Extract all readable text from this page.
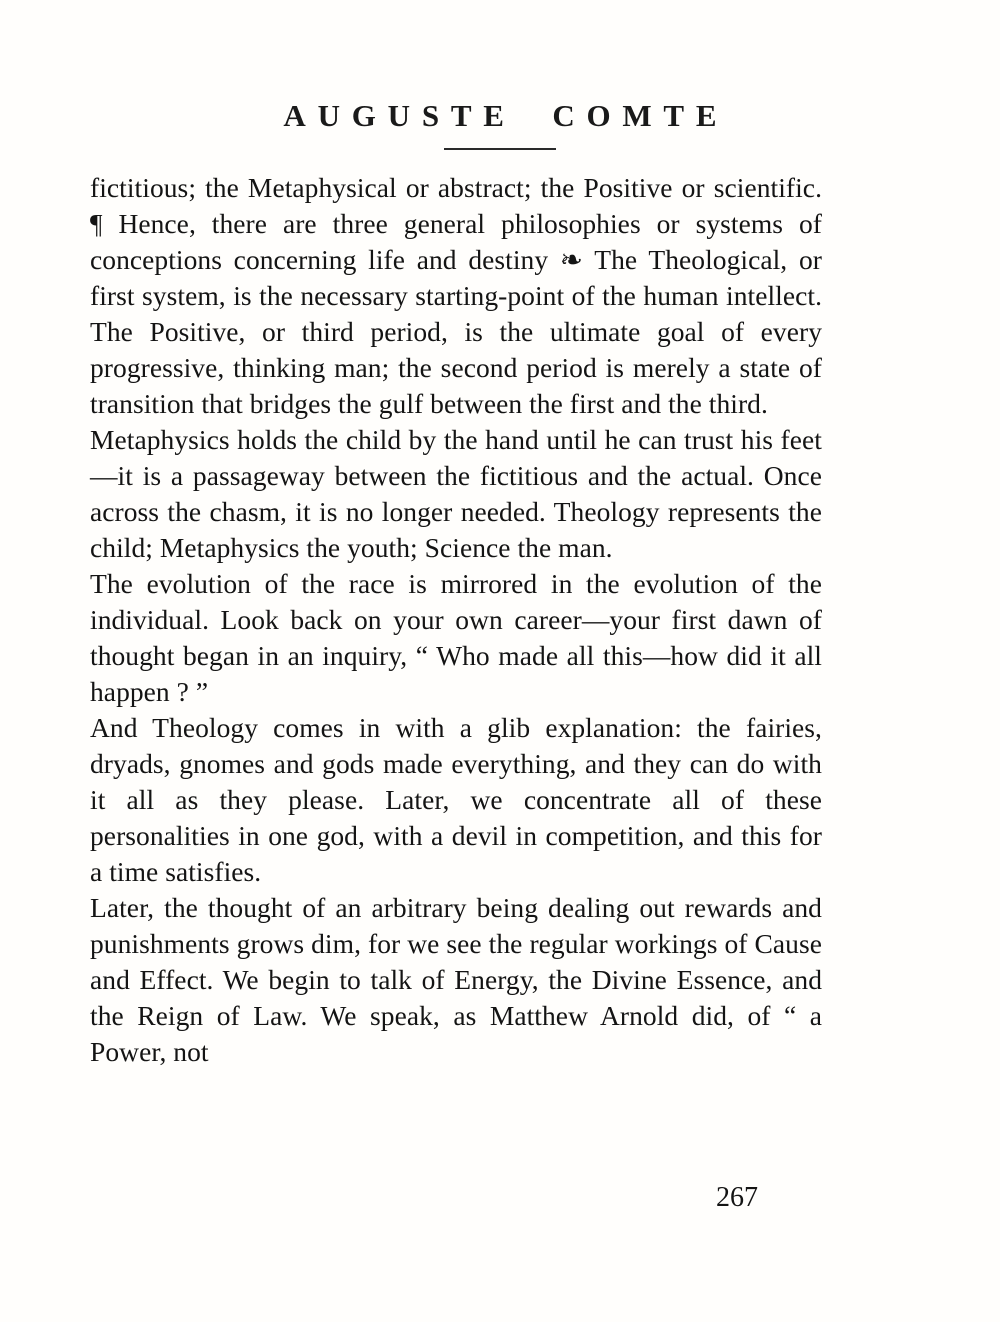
AUGUSTE COMTE

fictitious; the Metaphysical or abstract; the Positive or scientific. ¶ Hence, there are three general philosophies or systems of conceptions concerning life and destiny ❧ The Theological, or first system, is the necessary starting-point of the human intellect. The Positive, or third period, is the ultimate goal of every progressive, thinking man; the second period is merely a state of transition that bridges the gulf between the first and the third.

Metaphysics holds the child by the hand until he can trust his feet—it is a passageway between the fictitious and the actual. Once across the chasm, it is no longer needed. Theology represents the child; Metaphysics the youth; Science the man.

The evolution of the race is mirrored in the evolution of the individual. Look back on your own career—your first dawn of thought began in an inquiry, “ Who made all this—how did it all happen ? ”

And Theology comes in with a glib explanation: the fairies, dryads, gnomes and gods made everything, and they can do with it all as they please. Later, we concentrate all of these personalities in one god, with a devil in competition, and this for a time satisfies.

Later, the thought of an arbitrary being dealing out rewards and punishments grows dim, for we see the regular workings of Cause and Effect. We begin to talk of Energy, the Divine Essence, and the Reign of Law. We speak, as Matthew Arnold did, of “ a Power, not

267
